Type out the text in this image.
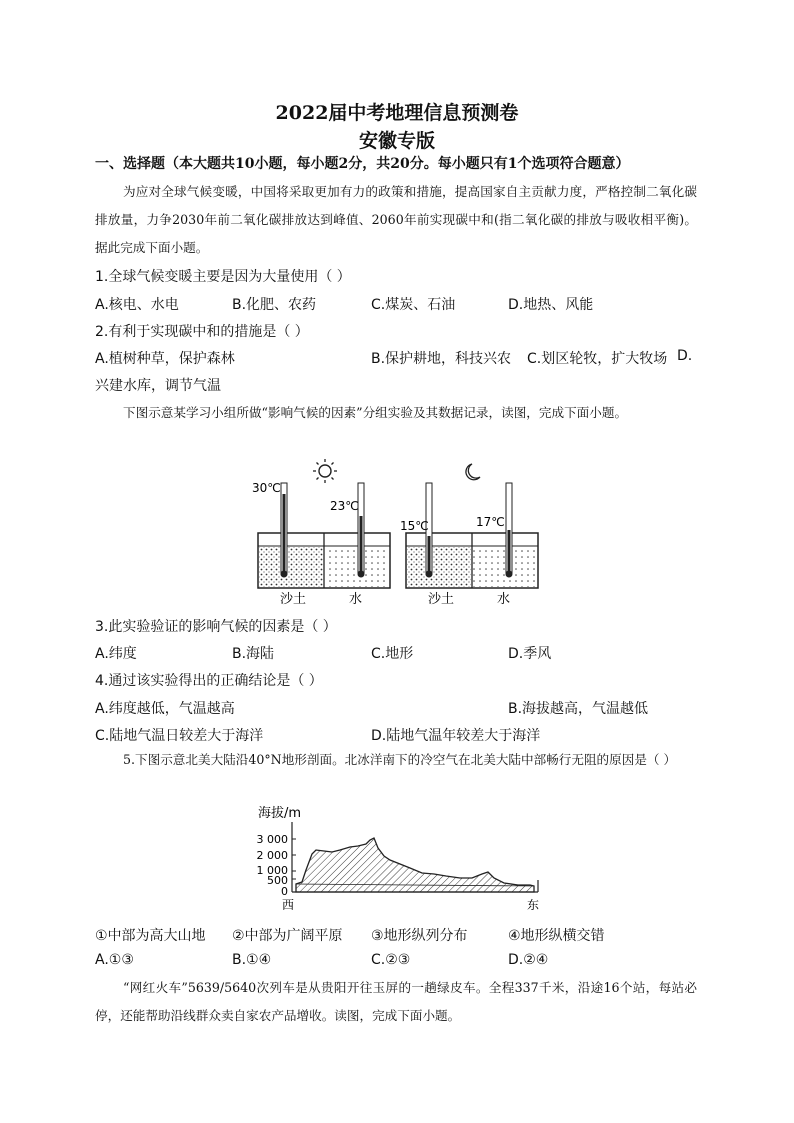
2022届中考地理信息预测卷
安徽专版
一、选择题（本大题共10小题，每小题2分，共20分。每小题只有1个选项符合题意）
为应对全球气候变暖，中国将采取更加有力的政策和措施，提高国家自主贡献力度，严格控制二氧化碳排放量，力争2030年前二氧化碳排放达到峰值、2060年前实现碳中和(指二氧化碳的排放与吸收相平衡)。据此完成下面小题。
1.全球气候变暖主要是因为大量使用（ ）
A.核电、水电	B.化肥、农药	C.煤炭、石油	D.地热、风能
2.有利于实现碳中和的措施是（ ）
A.植树种草，保护森林	B.保护耕地，科技兴农 C.划区轮牧，扩大牧场 D.
兴建水库，调节气温
下图示意某学习小组所做“影响气候的因素”分组实验及其数据记录，读图，完成下面小题。
30℃
23℃
15℃	17℃
沙土	水	沙土	水
3.此实验验证的影响气候的因素是（ ）
A.纬度	B.海陆	C.地形	D.季风
4.通过该实验得出的正确结论是（ ）
A.纬度越低，气温越高	B.海拔越高，气温越低
C.陆地气温日较差大于海洋	D.陆地气温年较差大于海洋
5.下图示意北美大陆沿40°N地形剖面。北冰洋南下的冷空气在北美大陆中部畅行无阻的原因是（ ）
海拔/m
3 000
2 000
1 000
500
0
西	东
①中部为高大山地 ②中部为广阔平原 ③地形纵列分布	④地形纵横交错
A.①③	B.①④	C.②③	D.②④
“网红火车”5639/5640次列车是从贵阳开往玉屏的一趟绿皮车。全程337千米，沿途16个站，每站必停，还能帮助沿线群众卖自家农产品增收。读图，完成下面小题。
